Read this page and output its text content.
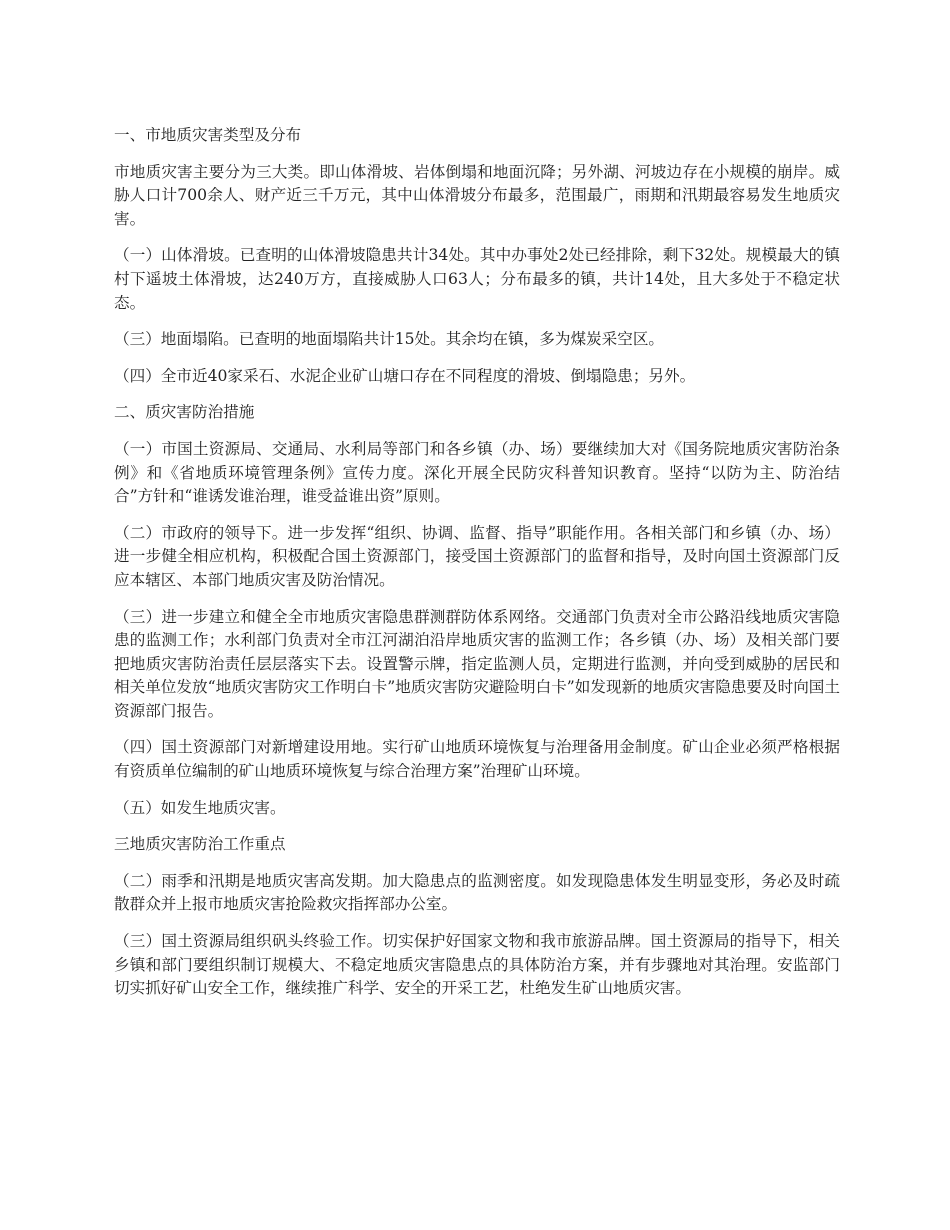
一、市地质灾害类型及分布

市地质灾害主要分为三大类。即山体滑坡、岩体倒塌和地面沉降；另外湖、河坡边存在小规模的崩岸。威胁人口计700余人、财产近三千万元，其中山体滑坡分布最多，范围最广，雨期和汛期最容易发生地质灾害。

（一）山体滑坡。已查明的山体滑坡隐患共计34处。其中办事处2处已经排除，剩下32处。规模最大的镇村下遥坡土体滑坡，达240万方，直接威胁人口63人；分布最多的镇，共计14处，且大多处于不稳定状态。

（三）地面塌陷。已查明的地面塌陷共计15处。其余均在镇，多为煤炭采空区。

（四）全市近40家采石、水泥企业矿山塘口存在不同程度的滑坡、倒塌隐患；另外。

二、质灾害防治措施

（一）市国土资源局、交通局、水利局等部门和各乡镇（办、场）要继续加大对《国务院地质灾害防治条例》和《省地质环境管理条例》宣传力度。深化开展全民防灾科普知识教育。坚持“以防为主、防治结合”方针和“谁诱发谁治理，谁受益谁出资”原则。

（二）市政府的领导下。进一步发挥“组织、协调、监督、指导”职能作用。各相关部门和乡镇（办、场）进一步健全相应机构，积极配合国土资源部门，接受国土资源部门的监督和指导，及时向国土资源部门反应本辖区、本部门地质灾害及防治情况。

（三）进一步建立和健全全市地质灾害隐患群测群防体系网络。交通部门负责对全市公路沿线地质灾害隐患的监测工作；水利部门负责对全市江河湖泊沿岸地质灾害的监测工作；各乡镇（办、场）及相关部门要把地质灾害防治责任层层落实下去。设置警示牌，指定监测人员，定期进行监测，并向受到威胁的居民和相关单位发放“地质灾害防灾工作明白卡”地质灾害防灾避险明白卡”如发现新的地质灾害隐患要及时向国土资源部门报告。

（四）国土资源部门对新增建设用地。实行矿山地质环境恢复与治理备用金制度。矿山企业必须严格根据有资质单位编制的矿山地质环境恢复与综合治理方案”治理矿山环境。

（五）如发生地质灾害。

三地质灾害防治工作重点

（二）雨季和汛期是地质灾害高发期。加大隐患点的监测密度。如发现隐患体发生明显变形，务必及时疏散群众并上报市地质灾害抢险救灾指挥部办公室。

（三）国土资源局组织矾头终验工作。切实保护好国家文物和我市旅游品牌。国土资源局的指导下，相关乡镇和部门要组织制订规模大、不稳定地质灾害隐患点的具体防治方案，并有步骤地对其治理。安监部门切实抓好矿山安全工作，继续推广科学、安全的开采工艺，杜绝发生矿山地质灾害。
